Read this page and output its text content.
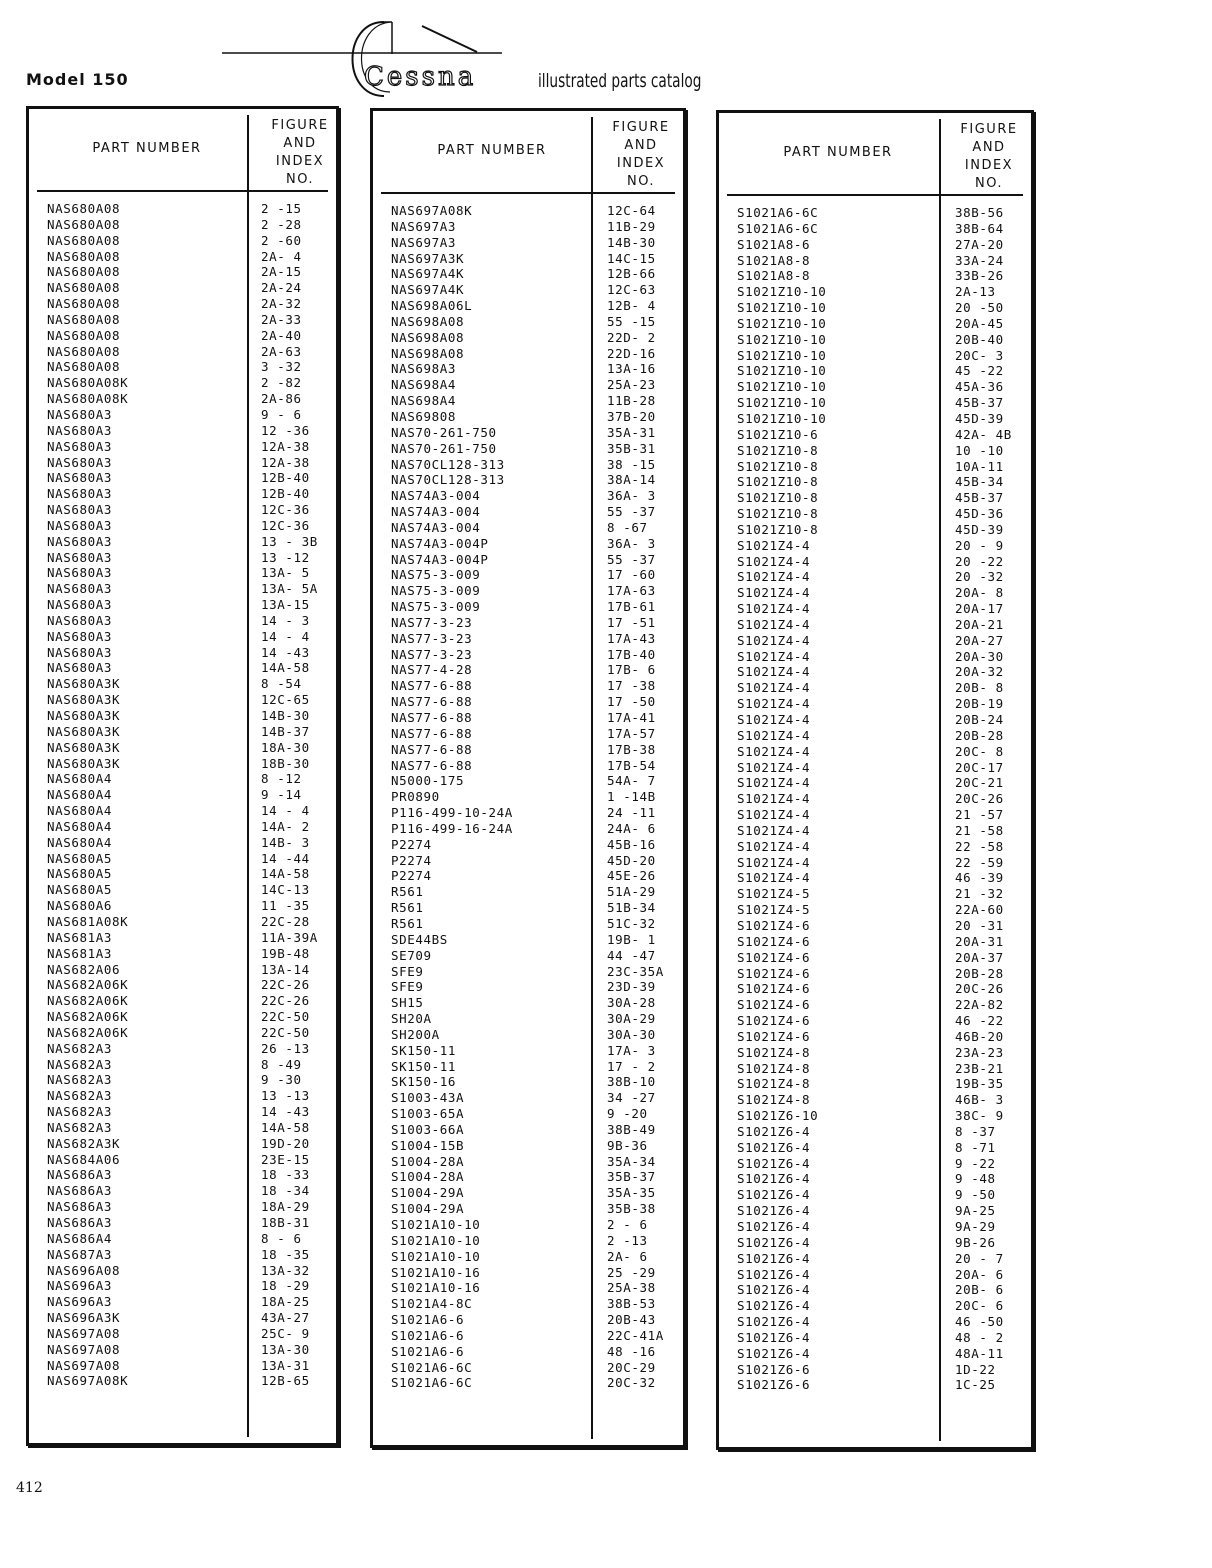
Model 150	Cessna	illustrated parts catalog
PART NUMBER
FIGURE
AND
INDEX
NO.
NAS680A08	2 -15
NAS680A08	2 -28
NAS680A08	2 -60
NAS680A08	2A- 4
NAS680A08	2A-15
NAS680A08	2A-24
NAS680A08	2A-32
NAS680A08	2A-33
NAS680A08	2A-40
NAS680A08	2A-63
NAS680A08	3 -32
NAS680A08K	2 -82
NAS680A08K	2A-86
NAS680A3	9 - 6
NAS680A3	12 -36
NAS680A3	12A-38
NAS680A3	12A-38
NAS680A3	12B-40
NAS680A3	12B-40
NAS680A3	12C-36
NAS680A3	12C-36
NAS680A3	13 - 3B
NAS680A3	13 -12
NAS680A3	13A- 5
NAS680A3	13A- 5A
NAS680A3	13A-15
NAS680A3	14 - 3
NAS680A3	14 - 4
NAS680A3	14 -43
NAS680A3	14A-58
NAS680A3K	8 -54
NAS680A3K	12C-65
NAS680A3K	14B-30
NAS680A3K	14B-37
NAS680A3K	18A-30
NAS680A3K	18B-30
NAS680A4	8 -12
NAS680A4	9 -14
NAS680A4	14 - 4
NAS680A4	14A- 2
NAS680A4	14B- 3
NAS680A5	14 -44
NAS680A5	14A-58
NAS680A5	14C-13
NAS680A6	11 -35
NAS681A08K	22C-28
NAS681A3	11A-39A
NAS681A3	19B-48
NAS682A06	13A-14
NAS682A06K	22C-26
NAS682A06K	22C-26
NAS682A06K	22C-50
NAS682A06K	22C-50
NAS682A3	26 -13
NAS682A3	8 -49
NAS682A3	9 -30
NAS682A3	13 -13
NAS682A3	14 -43
NAS682A3	14A-58
NAS682A3K	19D-20
NAS684A06	23E-15
NAS686A3	18 -33
NAS686A3	18 -34
NAS686A3	18A-29
NAS686A3	18B-31
NAS686A4	8 - 6
NAS687A3	18 -35
NAS696A08	13A-32
NAS696A3	18 -29
NAS696A3	18A-25
NAS696A3K	43A-27
NAS697A08	25C- 9
NAS697A08	13A-30
NAS697A08	13A-31
NAS697A08K	12B-65
PART NUMBER
FIGURE
AND
INDEX
NO.
NAS697A08K	12C-64
NAS697A3	11B-29
NAS697A3	14B-30
NAS697A3K	14C-15
NAS697A4K	12B-66
NAS697A4K	12C-63
NAS698A06L	12B- 4
NAS698A08	55 -15
NAS698A08	22D- 2
NAS698A08	22D-16
NAS698A3	13A-16
NAS698A4	25A-23
NAS698A4	11B-28
NAS69808	37B-20
NAS70-261-750	35A-31
NAS70-261-750	35B-31
NAS70CL128-313	38 -15
NAS70CL128-313	38A-14
NAS74A3-004	36A- 3
NAS74A3-004	55 -37
NAS74A3-004	8 -67
NAS74A3-004P	36A- 3
NAS74A3-004P	55 -37
NAS75-3-009	17 -60
NAS75-3-009	17A-63
NAS75-3-009	17B-61
NAS77-3-23	17 -51
NAS77-3-23	17A-43
NAS77-3-23	17B-40
NAS77-4-28	17B- 6
NAS77-6-88	17 -38
NAS77-6-88	17 -50
NAS77-6-88	17A-41
NAS77-6-88	17A-57
NAS77-6-88	17B-38
NAS77-6-88	17B-54
N5000-175	54A- 7
PR0890	1 -14B
P116-499-10-24A	24 -11
P116-499-16-24A	24A- 6
P2274	45B-16
P2274	45D-20
P2274	45E-26
R561	51A-29
R561	51B-34
R561	51C-32
SDE44BS	19B- 1
SE709	44 -47
SFE9	23C-35A
SFE9	23D-39
SH15	30A-28
SH20A	30A-29
SH200A	30A-30
SK150-11	17A- 3
SK150-11	17 - 2
SK150-16	38B-10
S1003-43A	34 -27
S1003-65A	9 -20
S1003-66A	38B-49
S1004-15B	9B-36
S1004-28A	35A-34
S1004-28A	35B-37
S1004-29A	35A-35
S1004-29A	35B-38
S1021A10-10	2 - 6
S1021A10-10	2 -13
S1021A10-10	2A- 6
S1021A10-16	25 -29
S1021A10-16	25A-38
S1021A4-8C	38B-53
S1021A6-6	20B-43
S1021A6-6	22C-41A
S1021A6-6	48 -16
S1021A6-6C	20C-29
S1021A6-6C	20C-32
PART NUMBER
FIGURE
AND
INDEX
NO.
S1021A6-6C	38B-56
S1021A6-6C	38B-64
S1021A8-6	27A-20
S1021A8-8	33A-24
S1021A8-8	33B-26
S1021Z10-10	2A-13
S1021Z10-10	20 -50
S1021Z10-10	20A-45
S1021Z10-10	20B-40
S1021Z10-10	20C- 3
S1021Z10-10	45 -22
S1021Z10-10	45A-36
S1021Z10-10	45B-37
S1021Z10-10	45D-39
S1021Z10-6	42A- 4B
S1021Z10-8	10 -10
S1021Z10-8	10A-11
S1021Z10-8	45B-34
S1021Z10-8	45B-37
S1021Z10-8	45D-36
S1021Z10-8	45D-39
S1021Z4-4	20 - 9
S1021Z4-4	20 -22
S1021Z4-4	20 -32
S1021Z4-4	20A- 8
S1021Z4-4	20A-17
S1021Z4-4	20A-21
S1021Z4-4	20A-27
S1021Z4-4	20A-30
S1021Z4-4	20A-32
S1021Z4-4	20B- 8
S1021Z4-4	20B-19
S1021Z4-4	20B-24
S1021Z4-4	20B-28
S1021Z4-4	20C- 8
S1021Z4-4	20C-17
S1021Z4-4	20C-21
S1021Z4-4	20C-26
S1021Z4-4	21 -57
S1021Z4-4	21 -58
S1021Z4-4	22 -58
S1021Z4-4	22 -59
S1021Z4-4	46 -39
S1021Z4-5	21 -32
S1021Z4-5	22A-60
S1021Z4-6	20 -31
S1021Z4-6	20A-31
S1021Z4-6	20A-37
S1021Z4-6	20B-28
S1021Z4-6	20C-26
S1021Z4-6	22A-82
S1021Z4-6	46 -22
S1021Z4-6	46B-20
S1021Z4-8	23A-23
S1021Z4-8	23B-21
S1021Z4-8	19B-35
S1021Z4-8	46B- 3
S1021Z6-10	38C- 9
S1021Z6-4	8 -37
S1021Z6-4	8 -71
S1021Z6-4	9 -22
S1021Z6-4	9 -48
S1021Z6-4	9 -50
S1021Z6-4	9A-25
S1021Z6-4	9A-29
S1021Z6-4	9B-26
S1021Z6-4	20 - 7
S1021Z6-4	20A- 6
S1021Z6-4	20B- 6
S1021Z6-4	20C- 6
S1021Z6-4	46 -50
S1021Z6-4	48 - 2
S1021Z6-4	48A-11
S1021Z6-6	1D-22
S1021Z6-6	1C-25
412
